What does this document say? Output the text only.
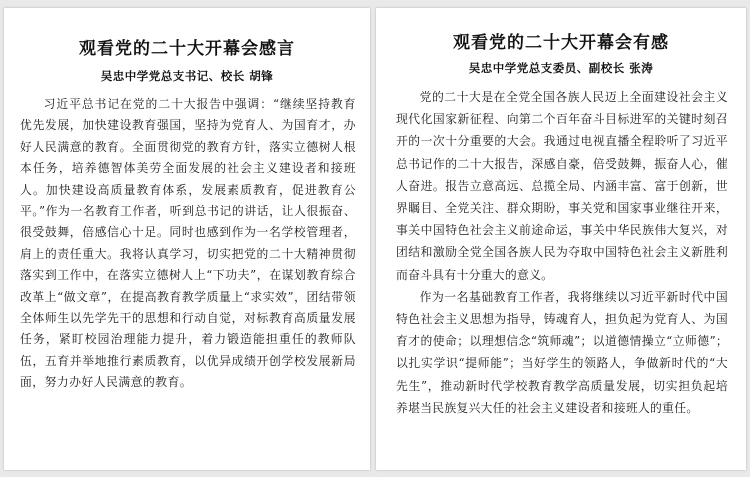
观看党的二十大开幕会感言
吴忠中学党总支书记、校长 胡锋
习近平总书记在党的二十大报告中强调：“继续坚持教育优先发展，加快建设教育强国，坚持为党育人、为国育才，办好人民满意的教育。全面贯彻党的教育方针，落实立德树人根本任务，培养德智体美劳全面发展的社会主义建设者和接班人。加快建设高质量教育体系，发展素质教育，促进教育公平。”作为一名教育工作者，听到总书记的讲话，让人很振奋、很受鼓舞，倍感信心十足。同时也感到作为一名学校管理者，肩上的责任重大。我将认真学习，切实把党的二十大精神贯彻落实到工作中，在落实立德树人上“下功夫”，在谋划教育综合改革上“做文章”，在提高教育教学质量上“求实效”，团结带领全体师生以先学先干的思想和行动自觉，对标教育高质量发展任务，紧盯校园治理能力提升，着力锻造能担重任的教师队伍，五育并举地推行素质教育，以优异成绩开创学校发展新局面，努力办好人民满意的教育。
观看党的二十大开幕会有感
吴忠中学党总支委员、副校长 张涛

党的二十大是在全党全国各族人民迈上全面建设社会主义现代化国家新征程、向第二个百年奋斗目标进军的关键时刻召开的一次十分重要的大会。我通过电视直播全程聆听了习近平总书记作的二十大报告，深感自豪，倍受鼓舞，振奋人心，催人奋进。报告立意高远、总揽全局、内涵丰富、富于创新，世界瞩目、全党关注、群众期盼，事关党和国家事业继往开来，事关中国特色社会主义前途命运，事关中华民族伟大复兴，对团结和激励全党全国各族人民为夺取中国特色社会主义新胜利而奋斗具有十分重大的意义。

作为一名基础教育工作者，我将继续以习近平新时代中国特色社会主义思想为指导，铸魂育人，担负起为党育人、为国育才的使命；以理想信念“筑师魂”；以道德情操立“立师德”；以扎实学识“提师能”；当好学生的领路人，争做新时代的“大先生”，推动新时代学校教育教学高质量发展，切实担负起培养堪当民族复兴大任的社会主义建设者和接班人的重任。
